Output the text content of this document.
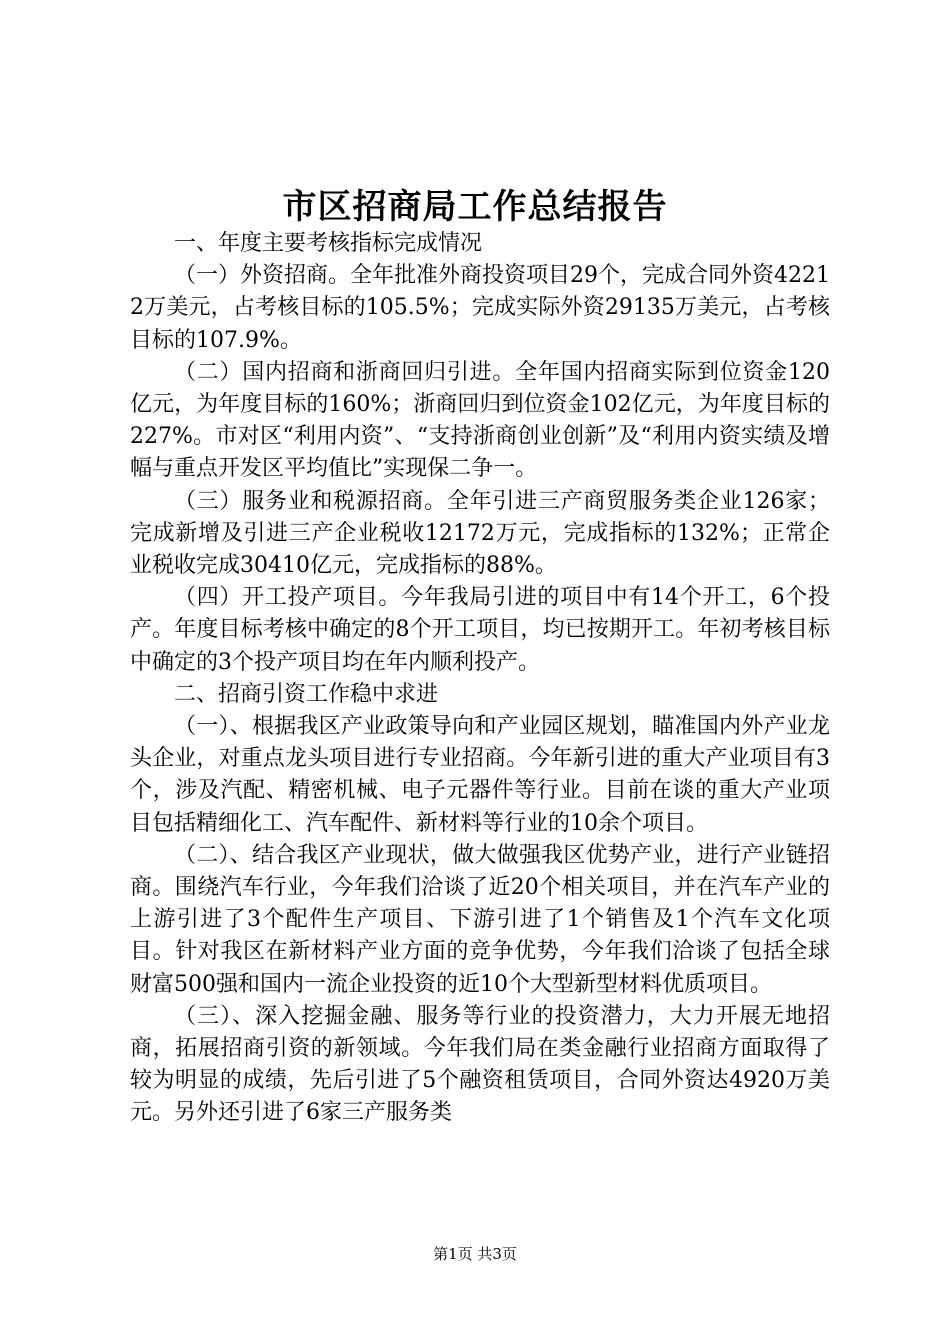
市区招商局工作总结报告

一、年度主要考核指标完成情况

（一）外资招商。全年批准外商投资项目29个，完成合同外资42212万美元，占考核目标的105.5%；完成实际外资29135万美元，占考核目标的107.9%。

（二）国内招商和浙商回归引进。全年国内招商实际到位资金120亿元，为年度目标的160%；浙商回归到位资金102亿元，为年度目标的227%。市对区“利用内资”、“支持浙商创业创新”及“利用内资实绩及增幅与重点开发区平均值比”实现保二争一。

（三）服务业和税源招商。全年引进三产商贸服务类企业126家；完成新增及引进三产企业税收12172万元，完成指标的132%；正常企业税收完成30410亿元，完成指标的88%。

（四）开工投产项目。今年我局引进的项目中有14个开工，6个投产。年度目标考核中确定的8个开工项目，均已按期开工。年初考核目标中确定的3个投产项目均在年内顺利投产。

二、招商引资工作稳中求进

（一）、根据我区产业政策导向和产业园区规划，瞄准国内外产业龙头企业，对重点龙头项目进行专业招商。今年新引进的重大产业项目有3个，涉及汽配、精密机械、电子元器件等行业。目前在谈的重大产业项目包括精细化工、汽车配件、新材料等行业的10余个项目。

（二）、结合我区产业现状，做大做强我区优势产业，进行产业链招商。围绕汽车行业，今年我们洽谈了近20个相关项目，并在汽车产业的上游引进了3个配件生产项目、下游引进了1个销售及1个汽车文化项目。针对我区在新材料产业方面的竞争优势，今年我们洽谈了包括全球财富500强和国内一流企业投资的近10个大型新型材料优质项目。

（三）、深入挖掘金融、服务等行业的投资潜力，大力开展无地招商，拓展招商引资的新领域。今年我们局在类金融行业招商方面取得了较为明显的成绩，先后引进了5个融资租赁项目，合同外资达4920万美元。另外还引进了6家三产服务类

第1页 共3页
